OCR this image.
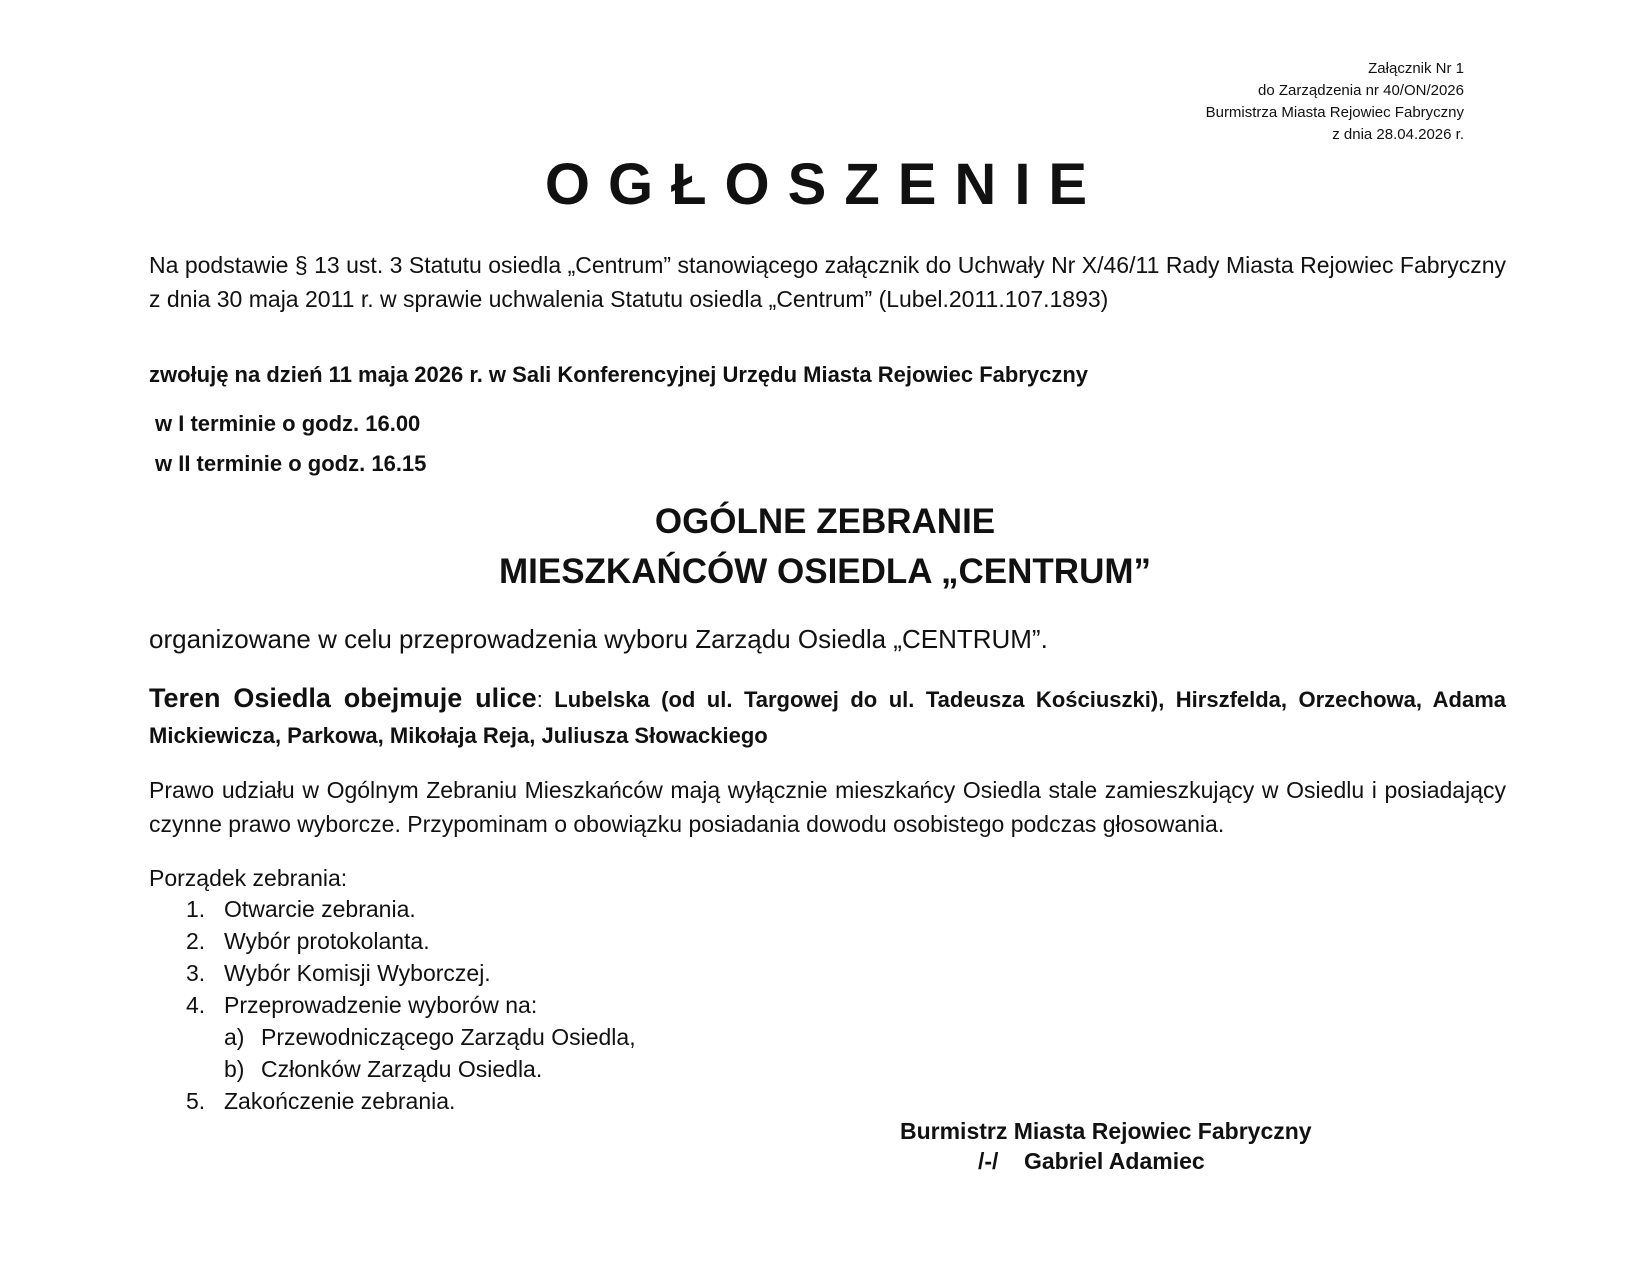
Załącznik Nr 1
do Zarządzenia nr 40/ON/2026
Burmistrza Miasta Rejowiec Fabryczny
z dnia 28.04.2026 r.
OGŁOSZENIE
Na podstawie § 13 ust. 3 Statutu osiedla „Centrum” stanowiącego załącznik do Uchwały Nr X/46/11 Rady Miasta Rejowiec Fabryczny z dnia 30 maja 2011 r. w sprawie uchwalenia Statutu osiedla „Centrum” (Lubel.2011.107.1893)
zwołuję na dzień 11 maja 2026 r. w Sali Konferencyjnej Urzędu Miasta Rejowiec Fabryczny
w I terminie o godz. 16.00
w II terminie o godz. 16.15
OGÓLNE ZEBRANIE
MIESZKAŃCÓW OSIEDLA „CENTRUM”
organizowane w celu przeprowadzenia wyboru Zarządu Osiedla „CENTRUM”.
Teren Osiedla obejmuje ulice: Lubelska (od ul. Targowej do ul. Tadeusza Kościuszki), Hirszfelda, Orzechowa, Adama Mickiewicza, Parkowa, Mikołaja Reja, Juliusza Słowackiego
Prawo udziału w Ogólnym Zebraniu Mieszkańców mają wyłącznie mieszkańcy Osiedla stale zamieszkujący w Osiedlu i posiadający czynne prawo wyborcze. Przypominam o obowiązku posiadania dowodu osobistego podczas głosowania.
Porządek zebrania:
1. Otwarcie zebrania.
2. Wybór protokolanta.
3. Wybór Komisji Wyborczej.
4. Przeprowadzenie wyborów na:
a) Przewodniczącego Zarządu Osiedla,
b) Członków Zarządu Osiedla.
5. Zakończenie zebrania.
Burmistrz Miasta Rejowiec Fabryczny
/-/ Gabriel Adamiec
